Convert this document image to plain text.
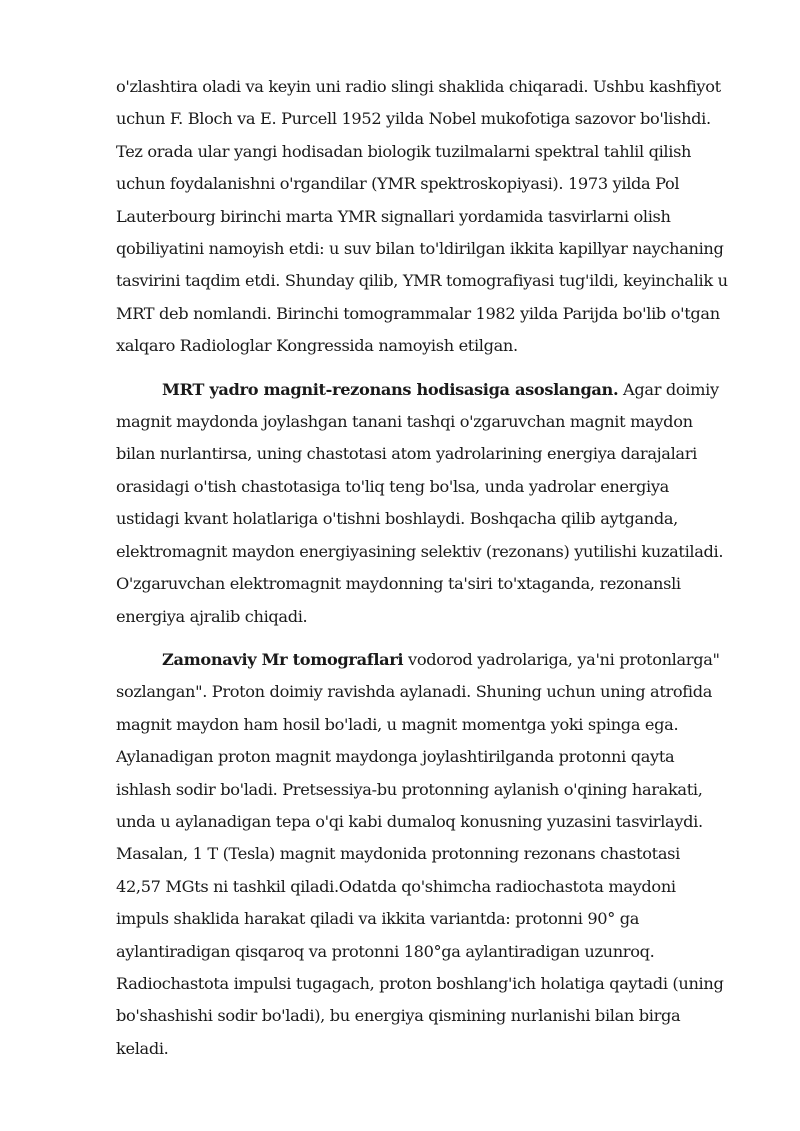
o'zlashtira oladi va keyin uni radio slingi shaklida chiqaradi. Ushbu kashfiyot uchun F. Bloch va E. Purcell 1952 yilda Nobel mukofotiga sazovor bo'lishdi. Tez orada ular yangi hodisadan biologik tuzilmalarni spektral tahlil qilish uchun foydalanishni o'rgandilar (YMR spektroskopiyasi). 1973 yilda Pol Lauterbourg birinchi marta YMR signallari yordamida tasvirlarni olish qobiliyatini namoyish etdi: u suv bilan to'ldirilgan ikkita kapillyar naychaning tasvirini taqdim etdi. Shunday qilib, YMR tomografiyasi tug'ildi, keyinchalik u MRT deb nomlandi. Birinchi tomogrammalar 1982 yilda Parijda bo'lib o'tgan xalqaro Radiologlar Kongressida namoyish etilgan.

MRT yadro magnit-rezonans hodisasiga asoslangan. Agar doimiy magnit maydonda joylashgan tanani tashqi o'zgaruvchan magnit maydon bilan nurlantirsa, uning chastotasi atom yadrolarining energiya darajalari orasidagi o'tish chastotasiga to'liq teng bo'lsa, unda yadrolar energiya ustidagi kvant holatlariga o'tishni boshlaydi. Boshqacha qilib aytganda, elektromagnit maydon energiyasining selektiv (rezonans) yutilishi kuzatiladi. O'zgaruvchan elektromagnit maydonning ta'siri to'xtaganda, rezonansli energiya ajralib chiqadi.

Zamonaviy Mr tomograflari vodorod yadrolariga, ya'ni protonlarga" sozlangan". Proton doimiy ravishda aylanadi. Shuning uchun uning atrofida magnit maydon ham hosil bo'ladi, u magnit momentga yoki spinga ega. Aylanadigan proton magnit maydonga joylashtirilganda protonni qayta ishlash sodir bo'ladi. Pretsessiya-bu protonning aylanish o'qining harakati, unda u aylanadigan tepa o'qi kabi dumaloq konusning yuzasini tasvirlaydi. Masalan, 1 T (Tesla) magnit maydonida protonning rezonans chastotasi 42,57 MGts ni tashkil qiladi.Odatda qo'shimcha radiochastota maydoni impuls shaklida harakat qiladi va ikkita variantda: protonni 90° ga aylantiradigan qisqaroq va protonni 180°ga aylantiradigan uzunroq. Radiochastota impulsi tugagach, proton boshlang'ich holatiga qaytadi (uning bo'shashishi sodir bo'ladi), bu energiya qismining nurlanishi bilan birga keladi.
